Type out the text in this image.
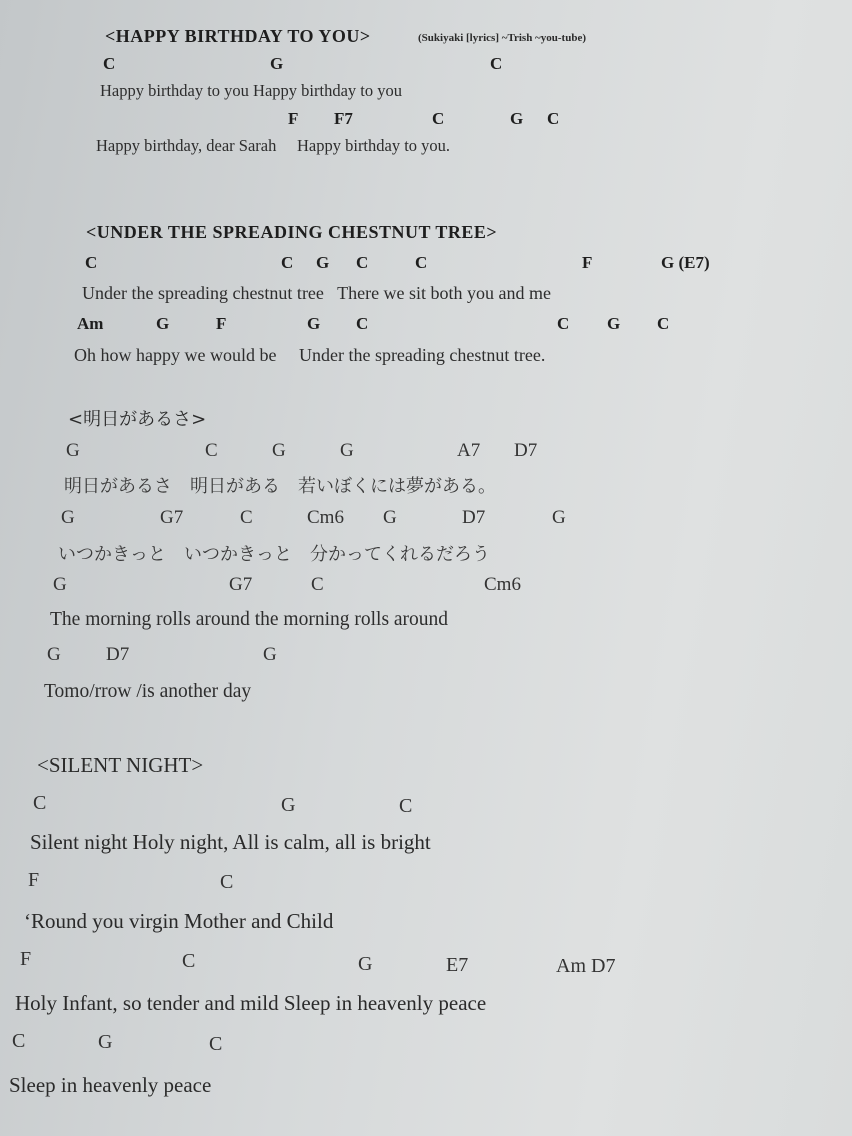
<HAPPY BIRTHDAY TO YOU>	(Sukiyaki [lyrics] ~Trish ~you-tube)
C	G	C
Happy birthday to you Happy birthday to you
F F7	C	G C
Happy birthday, dear Sarah     Happy birthday to you.
<UNDER THE SPREADING CHESTNUT TREE>
C	C G C	C	F	G (E7)
Under the spreading chestnut tree   There we sit both you and me
Am	G	F	G C	C G C
Oh how happy we would be     Under the spreading chestnut tree.
<明日があるさ>
G	C	G	G	A7 D7
明日があるさ　明日がある　若いぼくには夢がある。
G	G7	C	Cm6 G	D7	G
いつかきっと　いつかきっと　分かってくれるだろう
G	G7	C	Cm6
The morning rolls around the morning rolls around
G D7	G
Tomo/rrow /is another day
<SILENT NIGHT>
C	G	C
Silent night Holy night, All is calm, all is bright
F	C
‘Round you virgin Mother and Child
F	C	G	E7	Am D7
Holy Infant, so tender and mild Sleep in heavenly peace
C	G	C
Sleep in heavenly peace
